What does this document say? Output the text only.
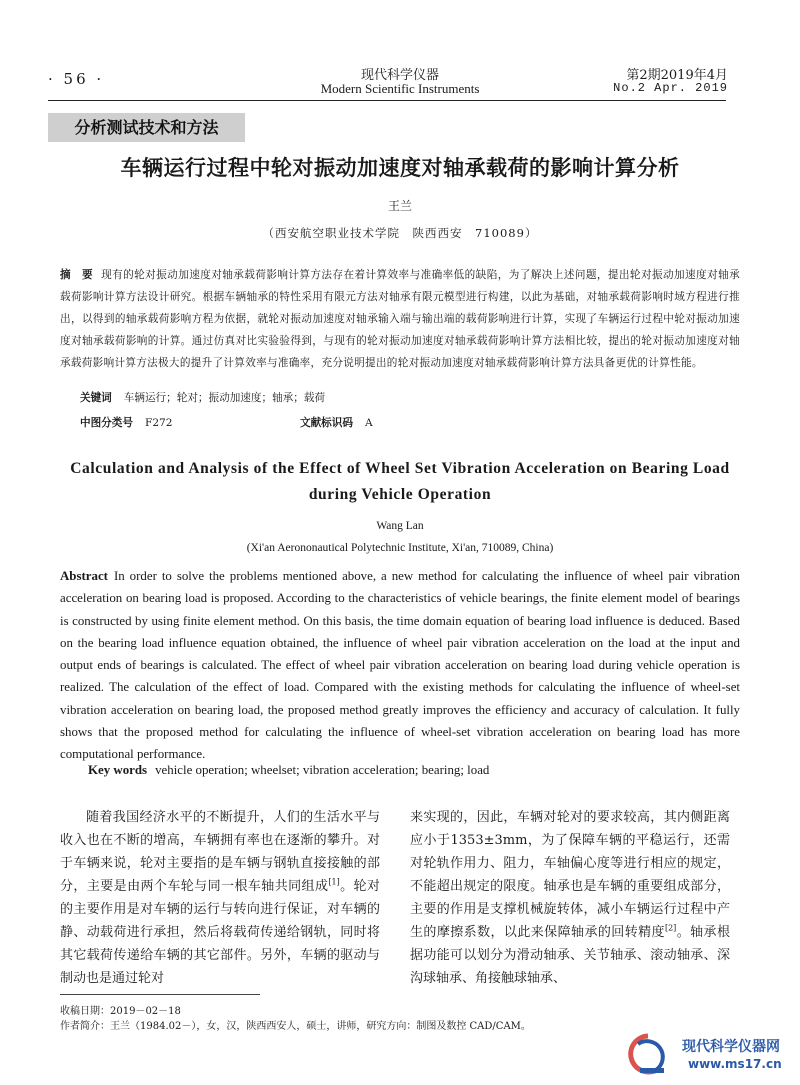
· 56 ·	现代科学仪器
Modern Scientific Instruments
第2期2019年4月
No.2 Apr. 2019
分析测试技术和方法
车辆运行过程中轮对振动加速度对轴承载荷的影响计算分析
王兰
（西安航空职业技术学院　陕西西安　710089）
摘　要 现有的轮对振动加速度对轴承载荷影响计算方法存在着计算效率与准确率低的缺陷，为了解决上述问题，提出轮对振动加速度对轴承载荷影响计算方法设计研究。根据车辆轴承的特性采用有限元方法对轴承有限元模型进行构建，以此为基础，对轴承载荷影响时域方程进行推出，以得到的轴承载荷影响方程为依据，就轮对振动加速度对轴承输入端与输出端的载荷影响进行计算，实现了车辆运行过程中轮对振动加速度对轴承载荷影响的计算。通过仿真对比实验验得到，与现有的轮对振动加速度对轴承载荷影响计算方法相比较，提出的轮对振动加速度对轴承载荷影响计算方法极大的提升了计算效率与准确率，充分说明提出的轮对振动加速度对轴承载荷影响计算方法具备更优的计算性能。
关键词 车辆运行；轮对；振动加速度；轴承；载荷
中图分类号 F272	文献标识码 A
Calculation and Analysis of the Effect of Wheel Set Vibration Acceleration on Bearing Load during Vehicle Operation
Wang Lan
(Xi'an Aerononautical Polytechnic Institute, Xi'an, 710089, China)
Abstract In order to solve the problems mentioned above, a new method for calculating the influence of wheel pair vibration acceleration on bearing load is proposed. According to the characteristics of vehicle bearings, the finite element model of bearings is constructed by using finite element method. On this basis, the time domain equation of bearing load influence is deduced. Based on the bearing load influence equation obtained, the influence of wheel pair vibration acceleration on the load at the input and output ends of bearings is calculated. The effect of wheel pair vibration acceleration on bearing load during vehicle operation is realized. The calculation of the effect of load. Compared with the existing methods for calculating the influence of wheel-set vibration acceleration on bearing load, the proposed method greatly improves the efficiency and accuracy of calculation. It fully shows that the proposed method for calculating the influence of wheel-set vibration acceleration on bearing load has more computational performance.
Key words vehicle operation; wheelset; vibration acceleration; bearing; load
随着我国经济水平的不断提升，人们的生活水平与收入也在不断的增高，车辆拥有率也在逐渐的攀升。对于车辆来说，轮对主要指的是车辆与钢轨直接接触的部分，主要是由两个车轮与同一根车轴共同组成[1]。轮对的主要作用是对车辆的运行与转向进行保证，对车辆的静、动载荷进行承担，然后将载荷传递给钢轨，同时将其它载荷传递给车辆的其它部件。另外，车辆的驱动与制动也是通过轮对
来实现的，因此，车辆对轮对的要求较高，其内侧距离应小于1353±3mm，为了保障车辆的平稳运行，还需对轮轨作用力、阻力，车轴偏心度等进行相应的规定，不能超出规定的限度。轴承也是车辆的重要组成部分，主要的作用是支撑机械旋转体，减小车辆运行过程中产生的摩擦系数，以此来保障轴承的回转精度[2]。轴承根据功能可以划分为滑动轴承、关节轴承、滚动轴承、深沟球轴承、角接触球轴承、
收稿日期：2019－02－18
作者简介：王兰（1984.02－），女，汉，陕西西安人，硕士，讲师，研究方向：制图及数控 CAD/CAM。
现代科学仪器网
www.ms17.cn
